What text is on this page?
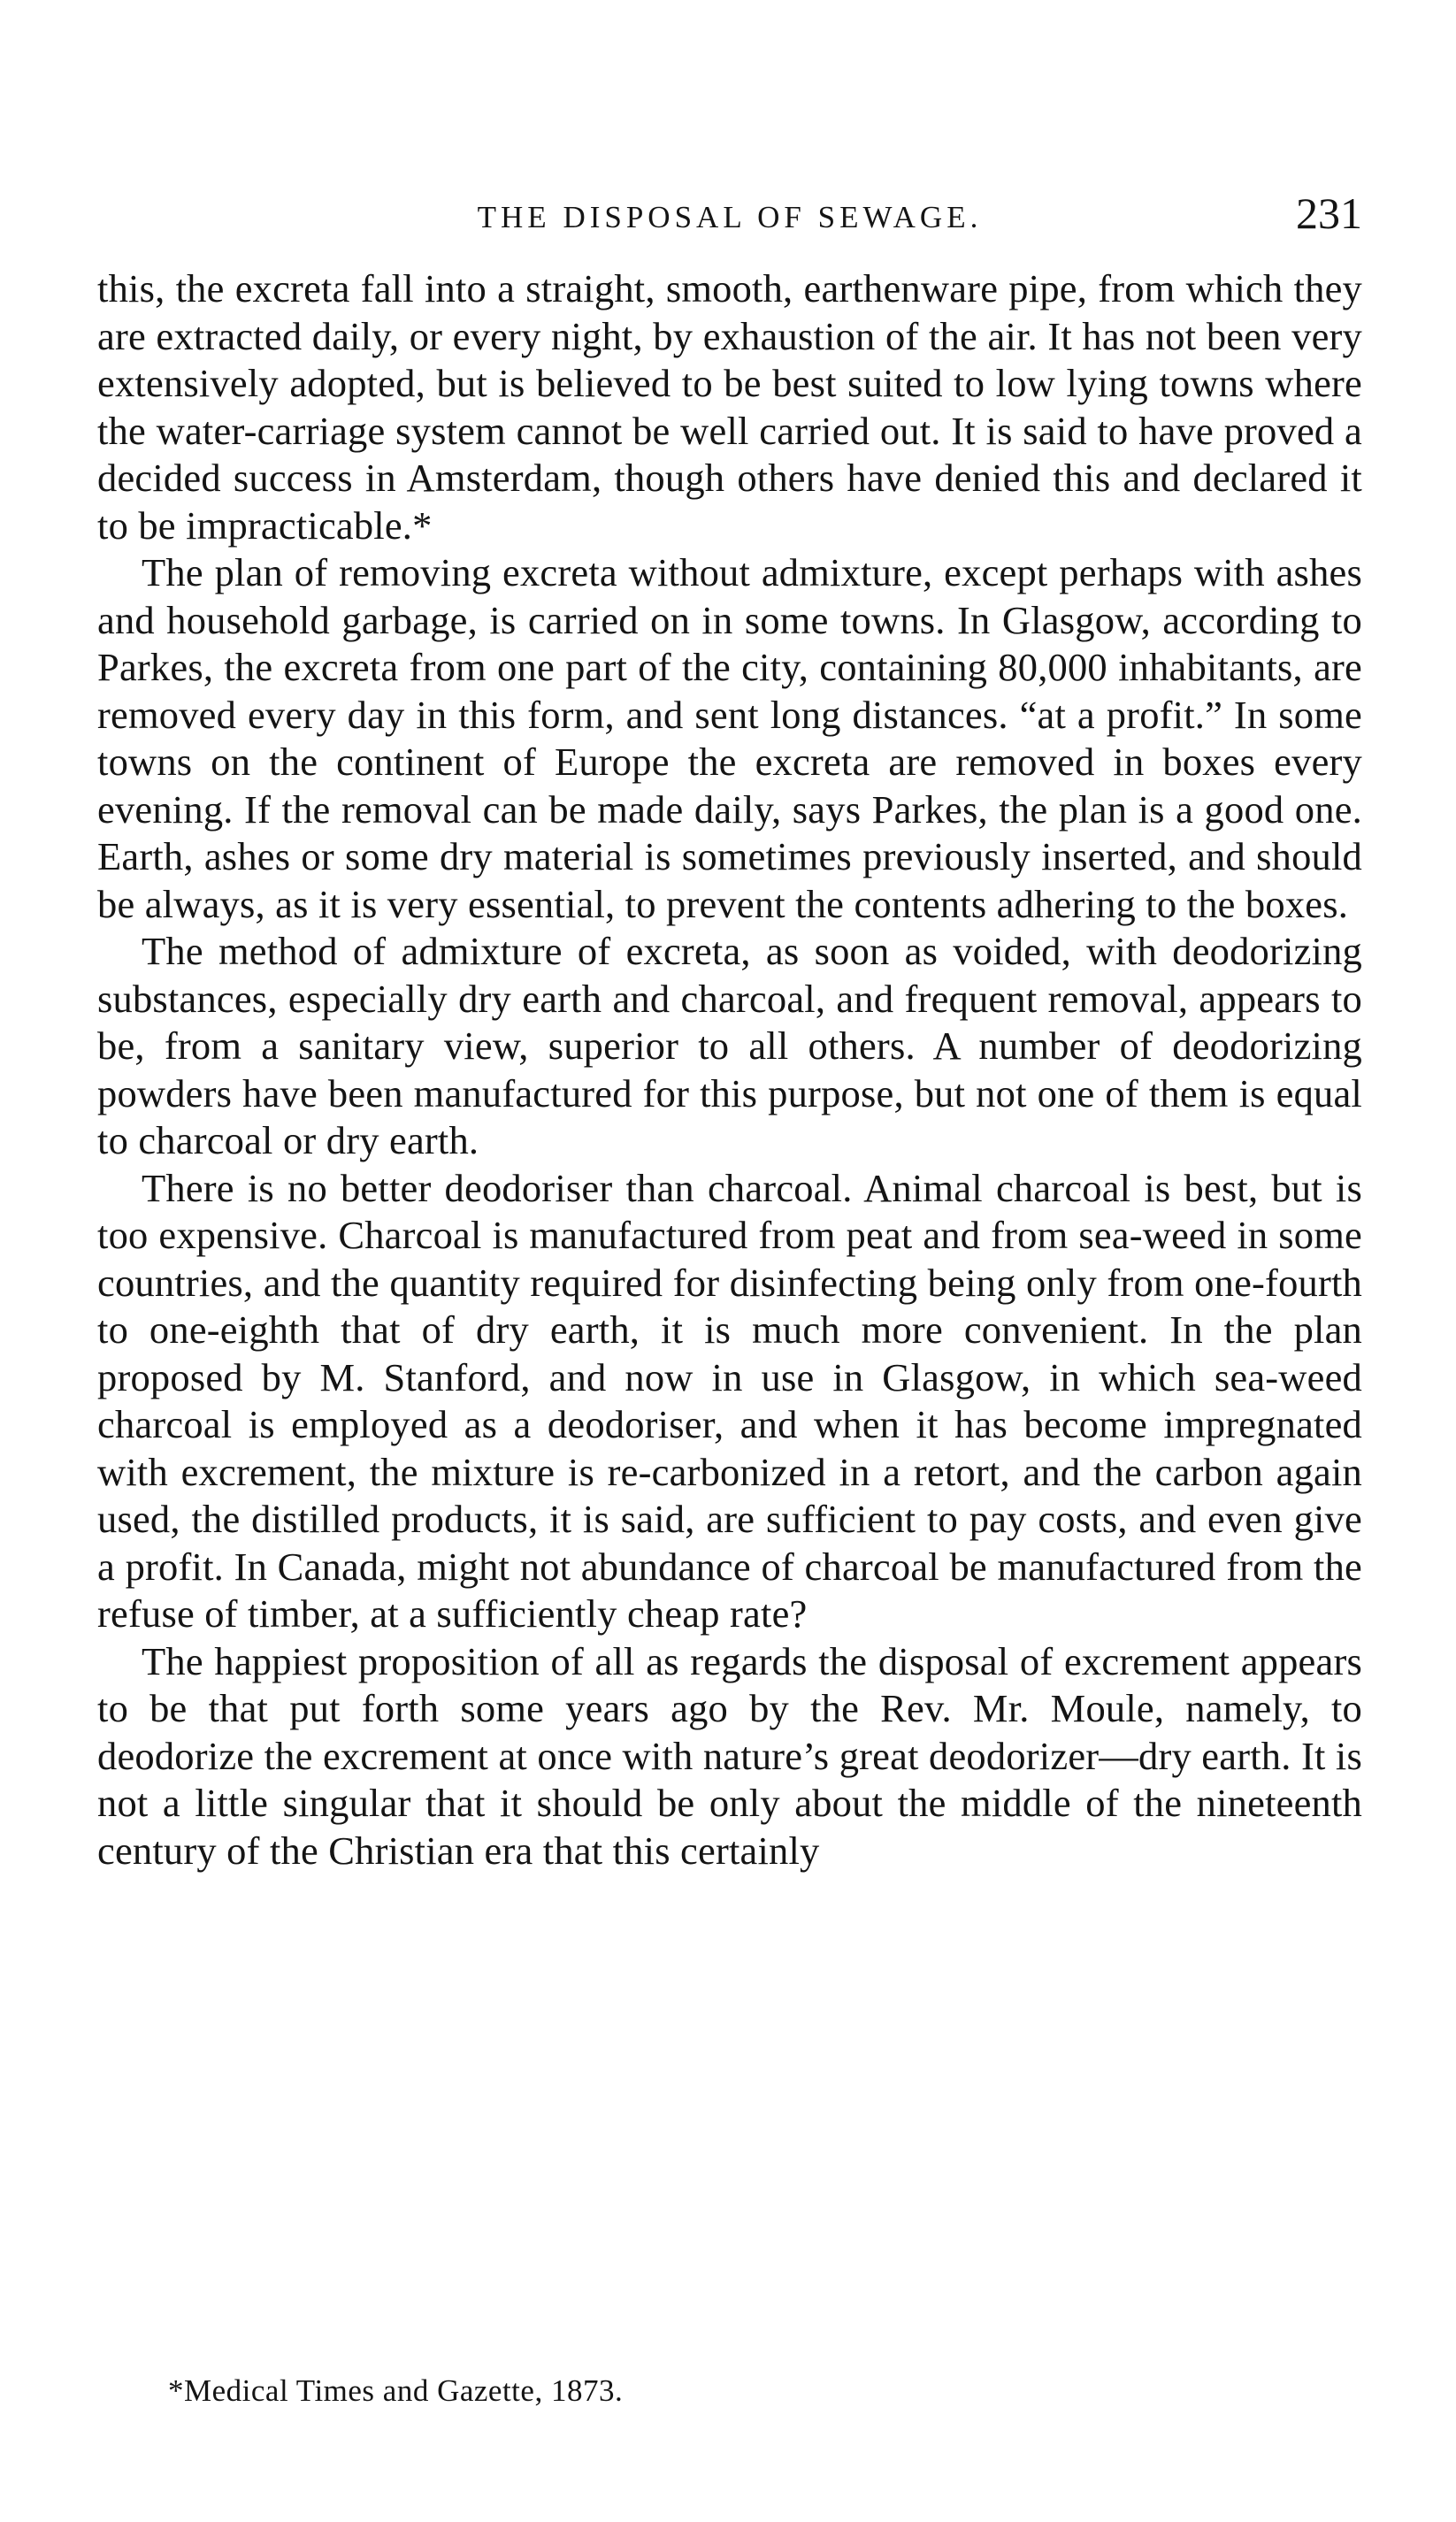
THE DISPOSAL OF SEWAGE.	231

this, the excreta fall into a straight, smooth, earthenware pipe, from which they are extracted daily, or every night, by exhaustion of the air. It has not been very extensively adopted, but is believed to be best suited to low lying towns where the water-carriage system cannot be well carried out. It is said to have proved a decided success in Amsterdam, though others have denied this and declared it to be impracticable.*

The plan of removing excreta without admixture, except perhaps with ashes and household garbage, is carried on in some towns. In Glasgow, according to Parkes, the excreta from one part of the city, containing 80,000 inhabitants, are removed every day in this form, and sent long distances. “at a profit.” In some towns on the continent of Europe the excreta are removed in boxes every evening. If the removal can be made daily, says Parkes, the plan is a good one. Earth, ashes or some dry material is sometimes previously inserted, and should be always, as it is very essential, to prevent the contents adhering to the boxes.

The method of admixture of excreta, as soon as voided, with deodorizing substances, especially dry earth and charcoal, and frequent removal, appears to be, from a sanitary view, superior to all others. A number of deodorizing powders have been manufactured for this purpose, but not one of them is equal to charcoal or dry earth.

There is no better deodoriser than charcoal. Animal charcoal is best, but is too expensive. Charcoal is manufactured from peat and from sea-weed in some countries, and the quantity required for disinfecting being only from one-fourth to one-eighth that of dry earth, it is much more convenient. In the plan proposed by M. Stanford, and now in use in Glasgow, in which sea-weed charcoal is employed as a deodoriser, and when it has become impregnated with excrement, the mixture is re-carbonized in a retort, and the carbon again used, the distilled products, it is said, are sufficient to pay costs, and even give a profit. In Canada, might not abundance of charcoal be manufactured from the refuse of timber, at a sufficiently cheap rate?

The happiest proposition of all as regards the disposal of excrement appears to be that put forth some years ago by the Rev. Mr. Moule, namely, to deodorize the excrement at once with nature’s great deodorizer—dry earth. It is not a little singular that it should be only about the middle of the nineteenth century of the Christian era that this certainly

*Medical Times and Gazette, 1873.
